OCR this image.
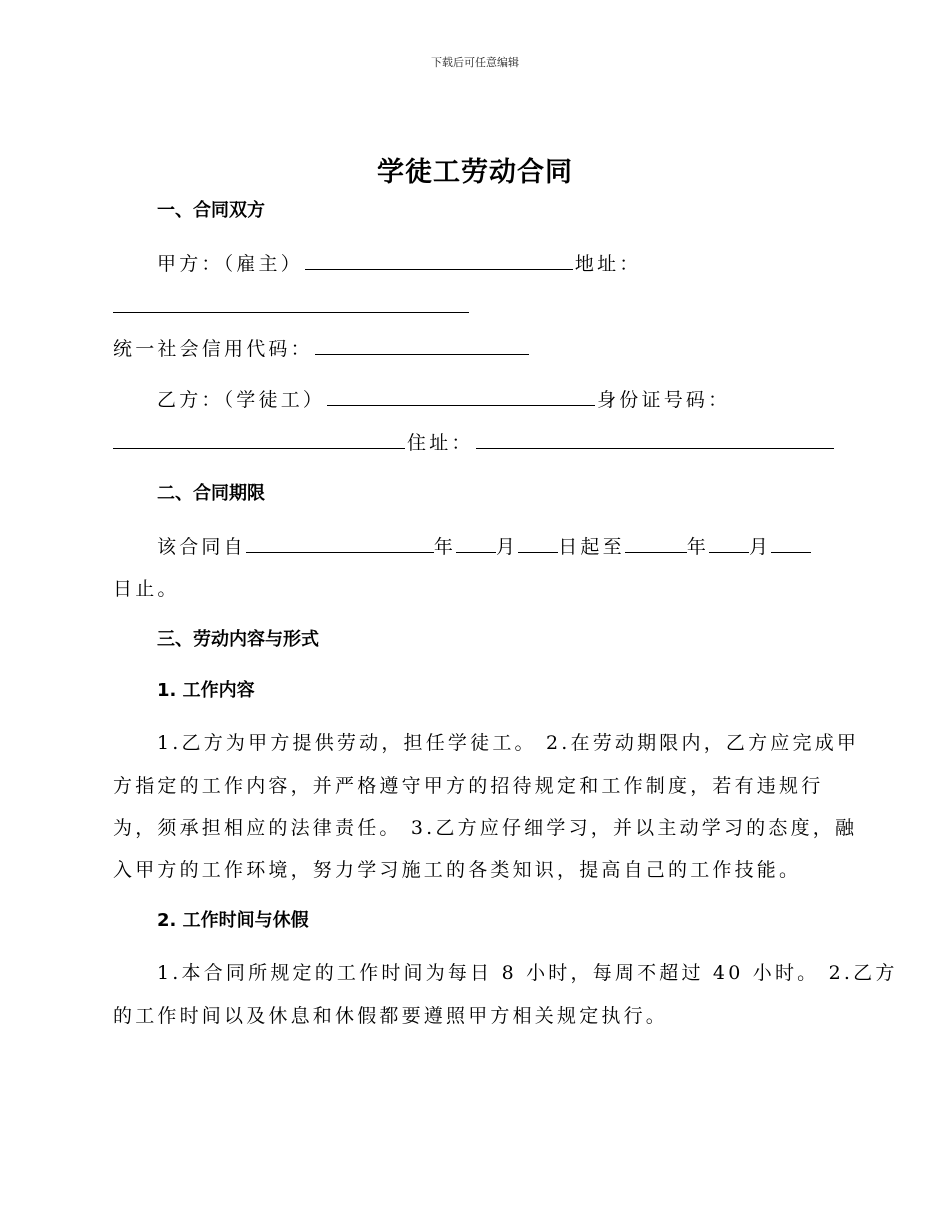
下载后可任意编辑
学徒工劳动合同
一、合同双方
甲方：（雇主）	地址：
统一社会信用代码：
乙方：（学徒工）	身份证号码：
住址：
二、合同期限
该合同自	年 月 日起至	年 月
日止。
三、劳动内容与形式
1. 工作内容
1.乙方为甲方提供劳动，担任学徒工。 2.在劳动期限内，乙方应完成甲
方指定的工作内容，并严格遵守甲方的招待规定和工作制度，若有违规行
为，须承担相应的法律责任。 3.乙方应仔细学习，并以主动学习的态度，融
入甲方的工作环境，努力学习施工的各类知识，提高自己的工作技能。
2. 工作时间与休假
1.本合同所规定的工作时间为每日 8 小时，每周不超过 40 小时。 2.乙方
的工作时间以及休息和休假都要遵照甲方相关规定执行。
